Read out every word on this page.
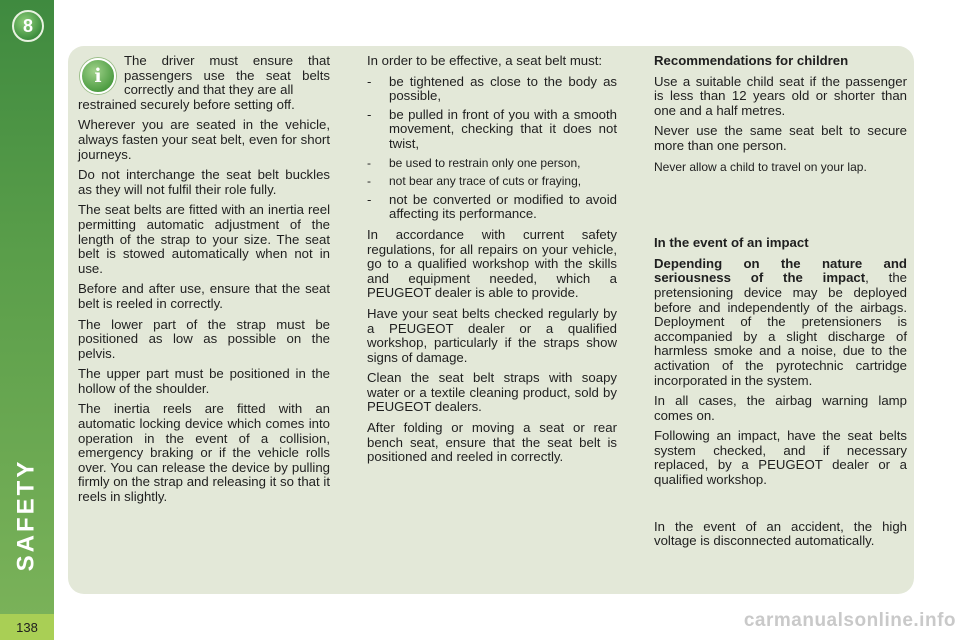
8
SAFETY
138
i
The driver must ensure that passengers use the seat belts correctly and that they are all
restrained securely before setting off.

Wherever you are seated in the vehicle, always fasten your seat belt, even for short journeys.

Do not interchange the seat belt buckles as they will not fulfil their role fully.

The seat belts are fitted with an inertia reel permitting automatic adjustment of the length of the strap to your size. The seat belt is stowed automatically when not in use.

Before and after use, ensure that the seat belt is reeled in correctly.

The lower part of the strap must be positioned as low as possible on the pelvis.

The upper part must be positioned in the hollow of the shoulder.

The inertia reels are fitted with an automatic locking device which comes into operation in the event of a collision, emergency braking or if the vehicle rolls over. You can release the device by pulling firmly on the strap and releasing it so that it reels in slightly.

In order to be effective, a seat belt must:

- be tightened as close to the body as possible,
- be pulled in front of you with a smooth movement, checking that it does not twist,
- be used to restrain only one person,
- not bear any trace of cuts or fraying,
- not be converted or modified to avoid affecting its performance.

In accordance with current safety regulations, for all repairs on your vehicle, go to a qualified workshop with the skills and equipment needed, which a PEUGEOT dealer is able to provide.

Have your seat belts checked regularly by a PEUGEOT dealer or a qualified workshop, particularly if the straps show signs of damage.

Clean the seat belt straps with soapy water or a textile cleaning product, sold by PEUGEOT dealers.

After folding or moving a seat or rear bench seat, ensure that the seat belt is positioned and reeled in correctly.

Recommendations for children

Use a suitable child seat if the passenger is less than 12 years old or shorter than one and a half metres.

Never use the same seat belt to secure more than one person.

Never allow a child to travel on your lap.

In the event of an impact

Depending on the nature and seriousness of the impact, the pretensioning device may be deployed before and independently of the airbags. Deployment of the pretensioners is accompanied by a slight discharge of harmless smoke and a noise, due to the activation of the pyrotechnic cartridge incorporated in the system.

In all cases, the airbag warning lamp comes on.

Following an impact, have the seat belts system checked, and if necessary replaced, by a PEUGEOT dealer or a qualified workshop.

In the event of an accident, the high voltage is disconnected automatically.

carmanualsonline.info
